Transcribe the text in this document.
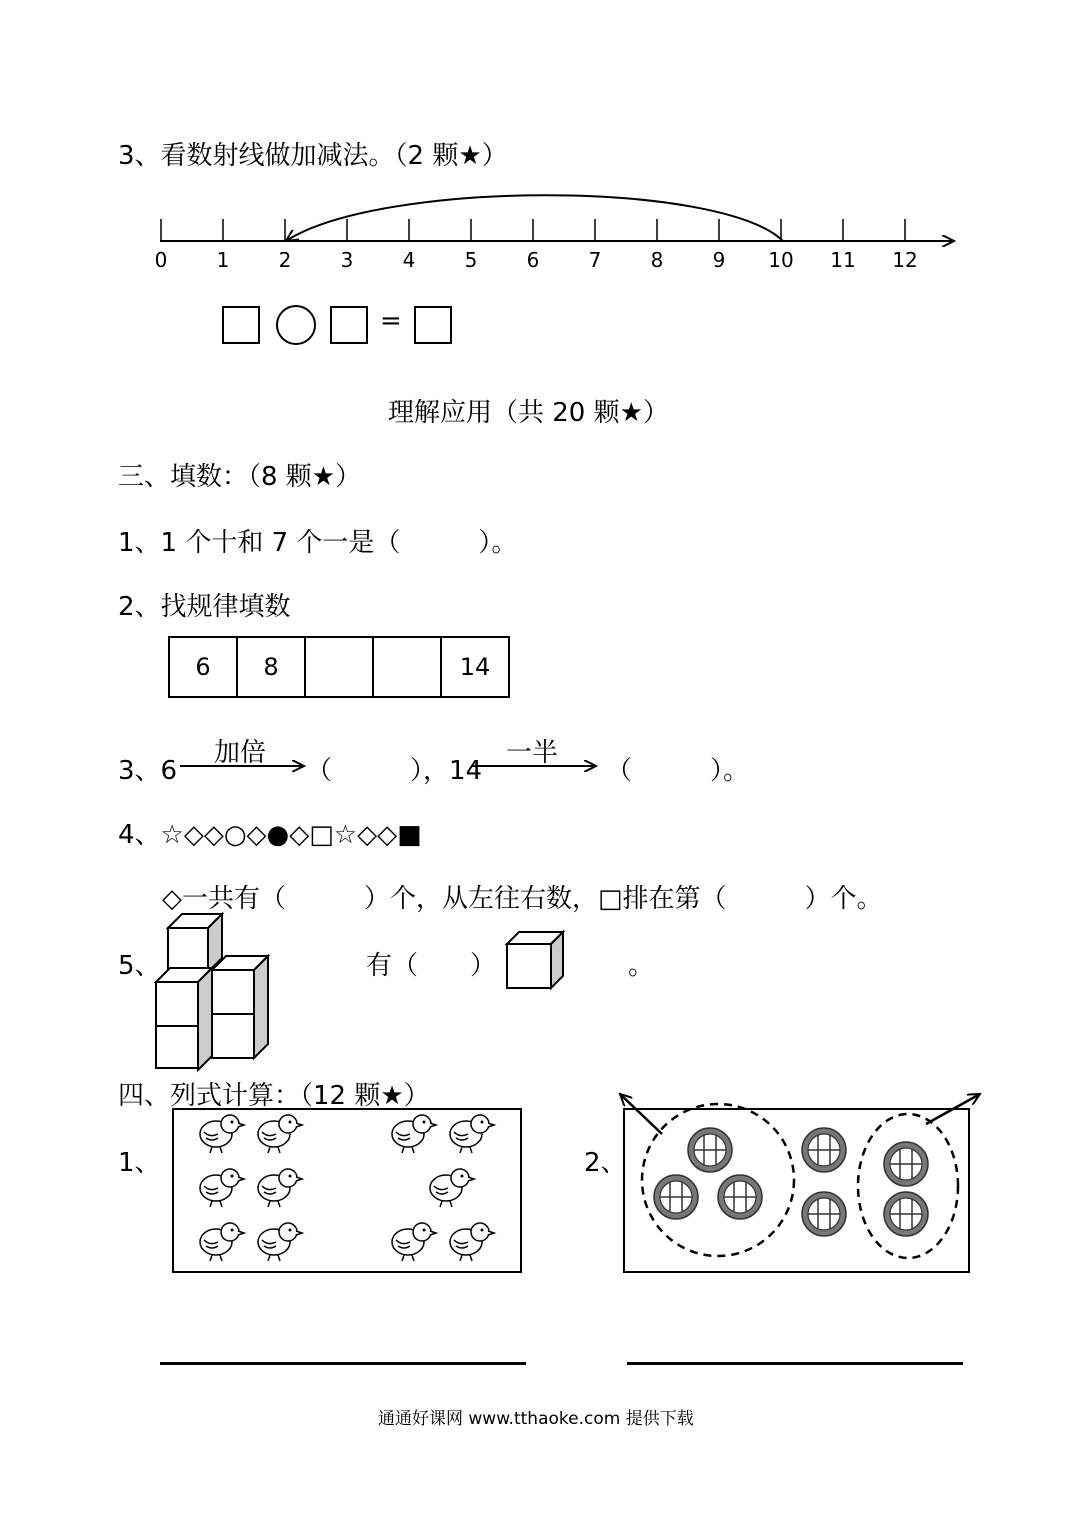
3、看数射线做加减法。（2 颗★）
0	1	2	3	4	5	6	7	8	9	10 11 12
=
理解应用（共 20 颗★）
三、填数：（8 颗★）
1、1 个十和 7 个一是（　　　）。
2、找规律填数
6	8			14
3、6
加倍
（　　　），14
一半
（　　　）。
4、☆◇◇○◇●◇□☆◇◇■
◇一共有（　　　）个，从左往右数，□排在第（　　　）个。
5、	有（　　）	。
四、列式计算：（12 颗★）
1、	2、
通通好课网 www.tthaoke.com 提供下载
